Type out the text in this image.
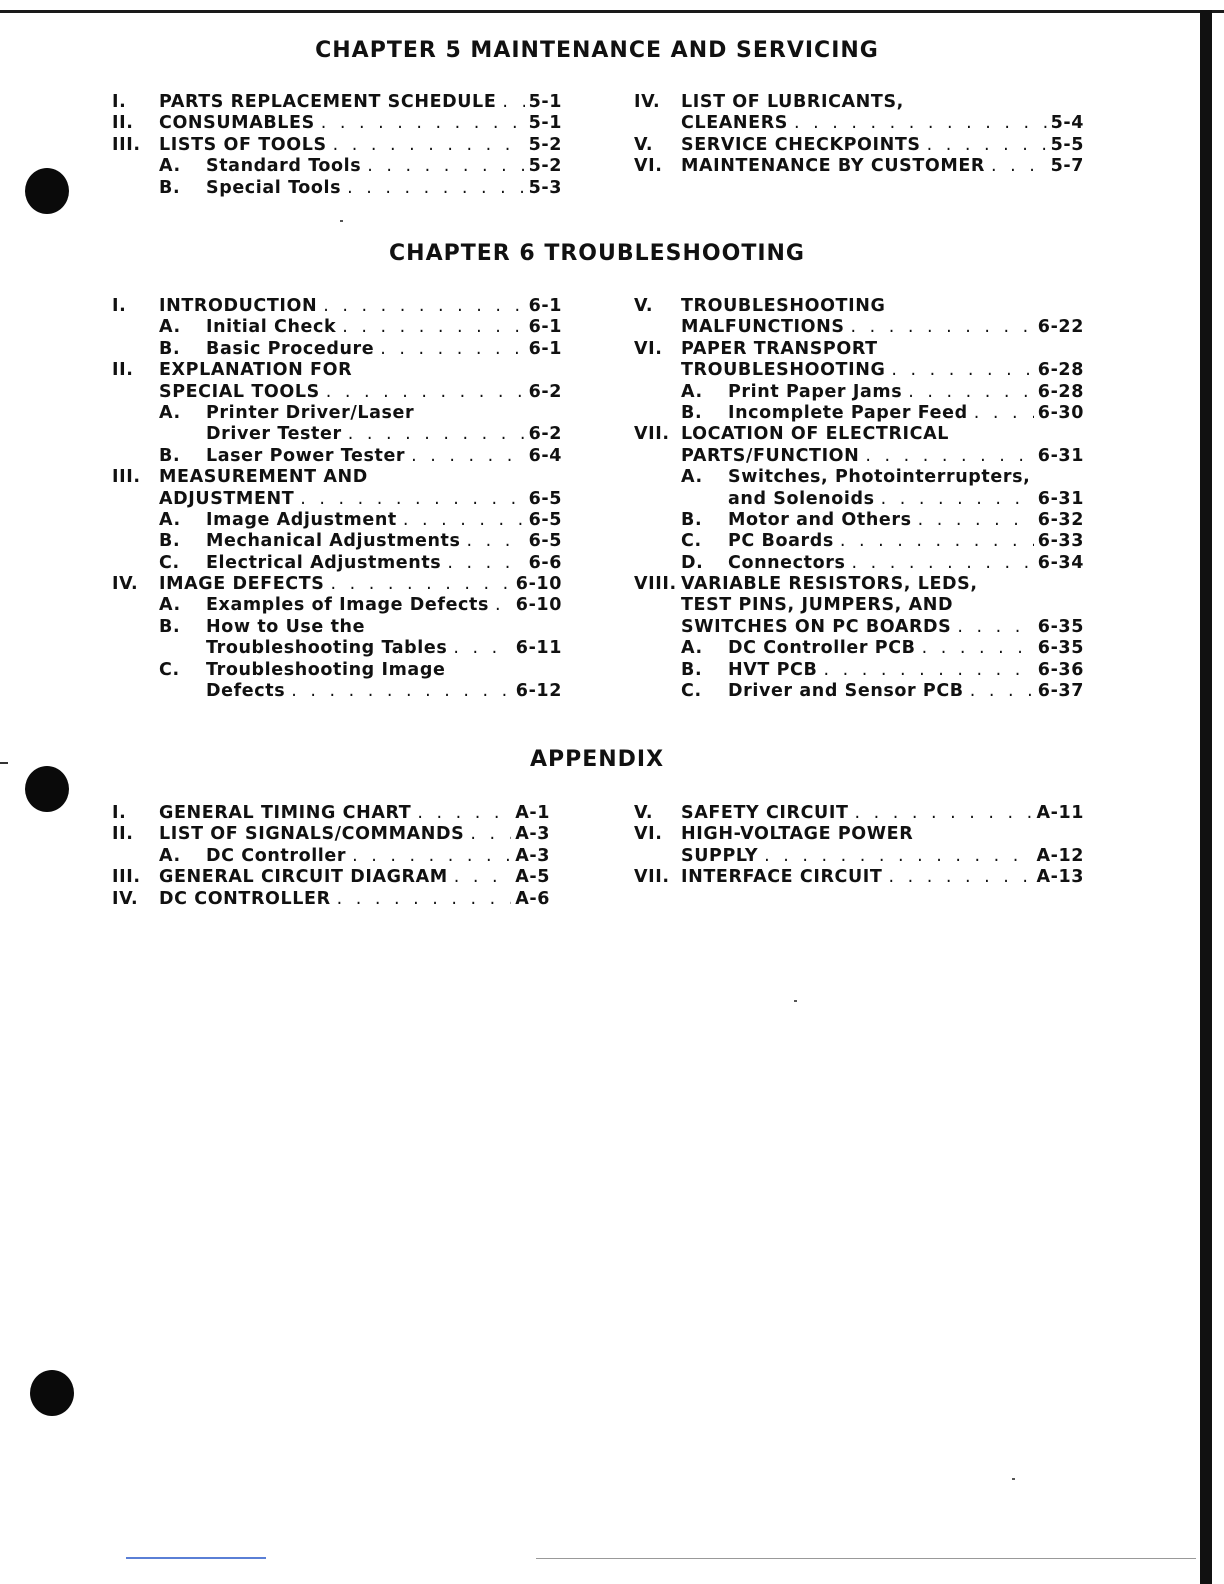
CHAPTER 5 MAINTENANCE AND SERVICING
I. PARTS REPLACEMENT SCHEDULE . . . 5-1
II. CONSUMABLES . . .	5-1
III. LISTS OF TOOLS . . .	5-2
A. Standard Tools . . .	5-2
B. Special Tools . . .	5-3
IV. LIST OF LUBRICANTS,
CLEANERS . . .	5-4
V. SERVICE CHECKPOINTS . . .	5-5
VI. MAINTENANCE BY CUSTOMER . . .	5-7
CHAPTER 6 TROUBLESHOOTING
I. INTRODUCTION . . .	6-1
A. Initial Check . . .	6-1
B. Basic Procedure . . .	6-1
II. EXPLANATION FOR
SPECIAL TOOLS . . .	6-2
A. Printer Driver/Laser
Driver Tester . . .	6-2
B. Laser Power Tester . . .	6-4
III. MEASUREMENT AND
ADJUSTMENT . . .	6-5
A. Image Adjustment . . .	6-5
B. Mechanical Adjustments . . .	6-5
C. Electrical Adjustments . . .	6-6
IV. IMAGE DEFECTS . . .	6-10
A. Examples of Image Defects . . . 6-10
B. How to Use the
Troubleshooting Tables . . .	6-11
C. Troubleshooting Image
Defects . . .	6-12
V. TROUBLESHOOTING
MALFUNCTIONS . . .	6-22
VI. PAPER TRANSPORT
TROUBLESHOOTING . . .	6-28
A. Print Paper Jams . . .	6-28
B. Incomplete Paper Feed . . .	6-30
VII. LOCATION OF ELECTRICAL
PARTS/FUNCTION . . .	6-31
A. Switches, Photointerrupters,
and Solenoids . . .	6-31
B. Motor and Others . . .	6-32
C. PC Boards . . .	6-33
D. Connectors . . .	6-34
VIII. VARIABLE RESISTORS, LEDS,
TEST PINS, JUMPERS, AND
SWITCHES ON PC BOARDS . . .	6-35
A. DC Controller PCB . . .	6-35
B. HVT PCB . . .	6-36
C. Driver and Sensor PCB . . .	6-37
APPENDIX
I. GENERAL TIMING CHART . . .	A-1
II. LIST OF SIGNALS/COMMANDS . . .	A-3
A. DC Controller . . .	A-3
III. GENERAL CIRCUIT DIAGRAM . . .	A-5
IV. DC CONTROLLER . . .	A-6
V. SAFETY CIRCUIT . . .	A-11
VI. HIGH-VOLTAGE POWER
SUPPLY . . .	A-12
VII. INTERFACE CIRCUIT . . .	A-13
